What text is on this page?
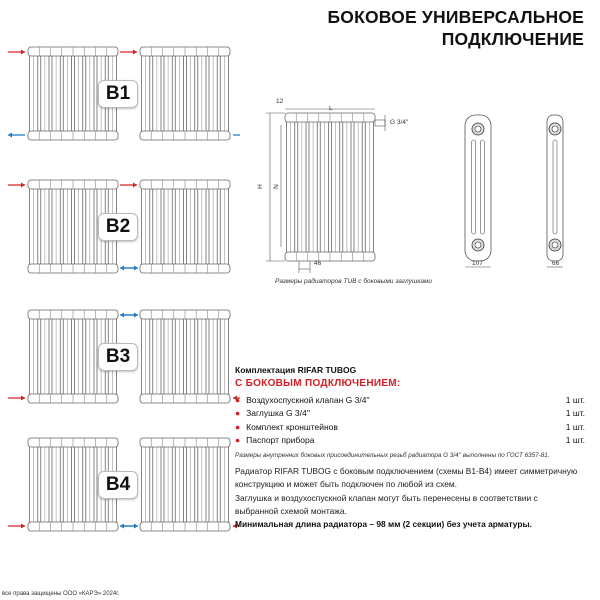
БОКОВОЕ УНИВЕРСАЛЬНОЕ
ПОДКЛЮЧЕНИЕ
B1
B2
B3
B4
12
L
G 3/4''
H N
46	107	66
Размеры радиаторов TUB с боковыми заглушками
Комплектация RIFAR TUBOG
С БОКОВЫМ ПОДКЛЮЧЕНИЕМ:
● Воздухоспускной клапан G 3/4''	1 шт.
● Заглушка G 3/4''	1 шт.
● Комплект кронштейнов	1 шт.
● Паспорт прибора	1 шт.
Размеры внутренних боковых присоединительных резьб радиатора G 3/4'' выполнены по ГОСТ 6357-81.
Радиатор RIFAR TUBOG с боковым подключением (схемы В1-В4) имеет симметричную конструкцию и может быть подключен по любой из схем.
Заглушка и воздухоспускной клапан могут быть перенесены в соответствии с выбранной схемой монтажа.
Минимальная длина радиатора – 98 мм (2 секции) без учета арматуры.
все права защищены ООО «КАРЭ» 2024г.
